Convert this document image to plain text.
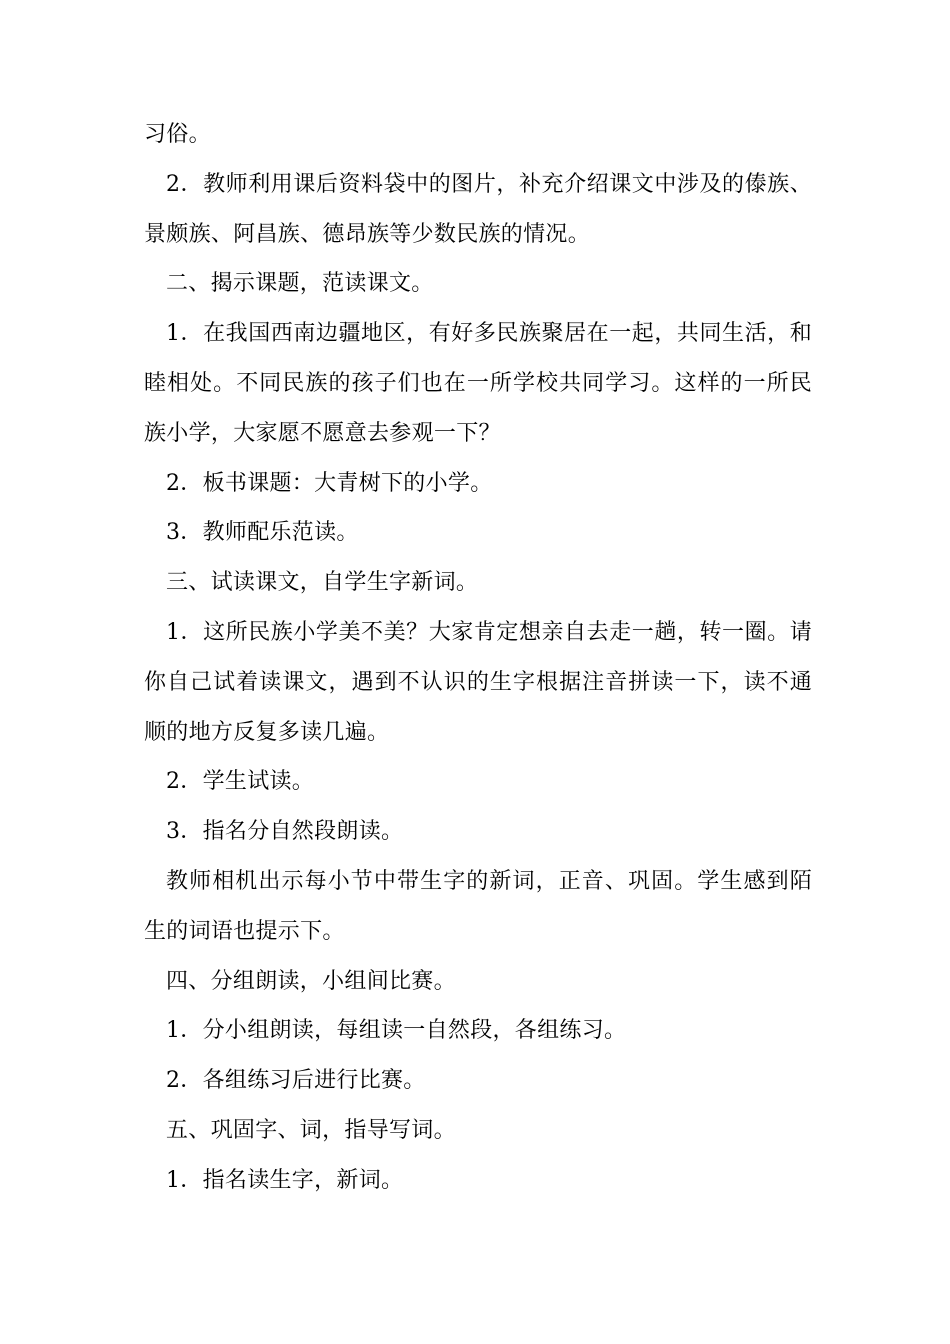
习俗。

2．教师利用课后资料袋中的图片，补充介绍课文中涉及的傣族、景颇族、阿昌族、德昂族等少数民族的情况。

二、揭示课题，范读课文。

1．在我国西南边疆地区，有好多民族聚居在一起，共同生活，和睦相处。不同民族的孩子们也在一所学校共同学习。这样的一所民族小学，大家愿不愿意去参观一下？

2．板书课题：大青树下的小学。

3．教师配乐范读。

三、试读课文，自学生字新词。

1．这所民族小学美不美？大家肯定想亲自去走一趟，转一圈。请你自己试着读课文，遇到不认识的生字根据注音拼读一下，读不通顺的地方反复多读几遍。

2．学生试读。

3．指名分自然段朗读。

教师相机出示每小节中带生字的新词，正音、巩固。学生感到陌生的词语也提示下。

四、分组朗读，小组间比赛。

1．分小组朗读，每组读一自然段，各组练习。

2．各组练习后进行比赛。

五、巩固字、词，指导写词。

1．指名读生字，新词。
